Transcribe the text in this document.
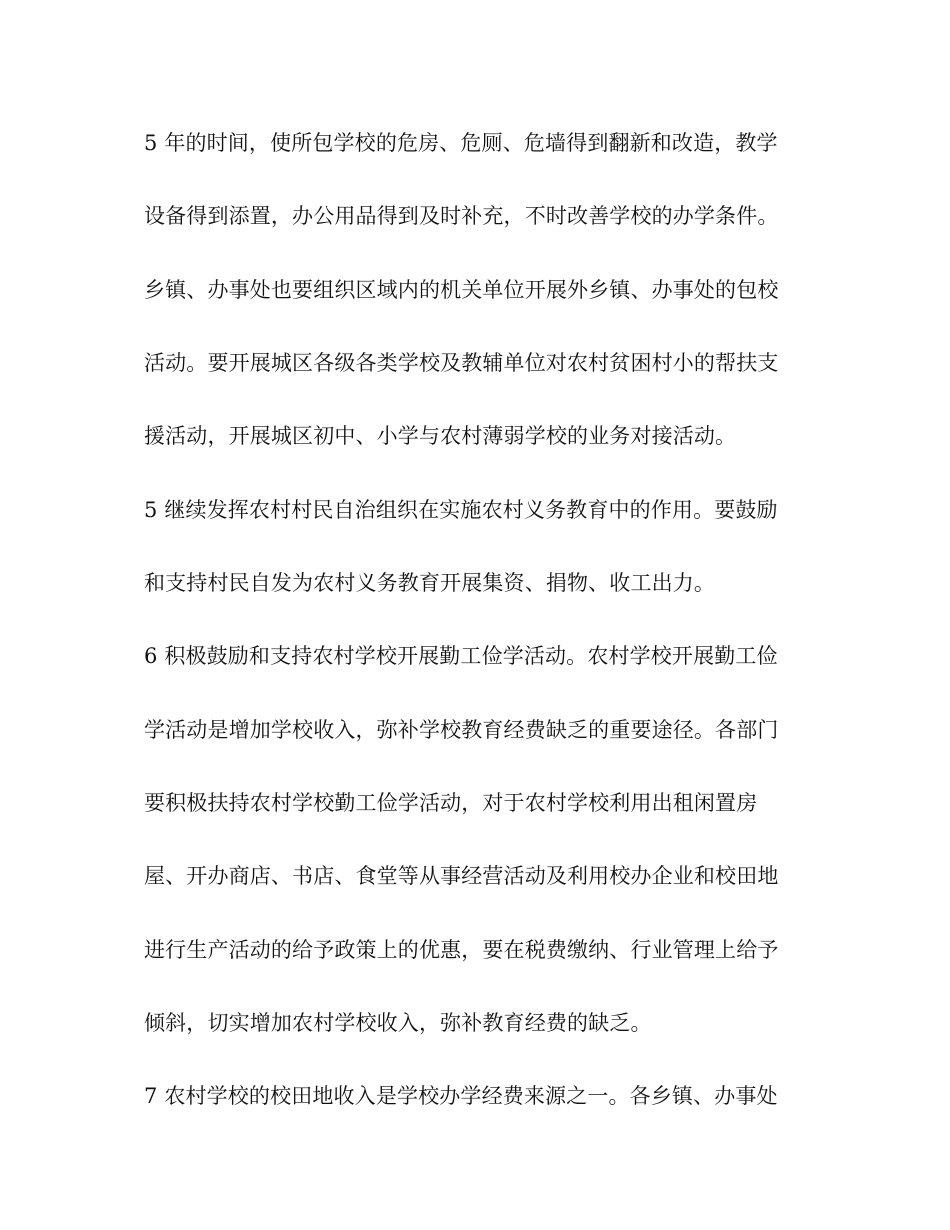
5 年的时间，使所包学校的危房、危厕、危墙得到翻新和改造，教学
设备得到添置，办公用品得到及时补充，不时改善学校的办学条件。
乡镇、办事处也要组织区域内的机关单位开展外乡镇、办事处的包校
活动。要开展城区各级各类学校及教辅单位对农村贫困村小的帮扶支
援活动，开展城区初中、小学与农村薄弱学校的业务对接活动。
5 继续发挥农村村民自治组织在实施农村义务教育中的作用。要鼓励
和支持村民自发为农村义务教育开展集资、捐物、收工出力。
6 积极鼓励和支持农村学校开展勤工俭学活动。农村学校开展勤工俭
学活动是增加学校收入，弥补学校教育经费缺乏的重要途径。各部门
要积极扶持农村学校勤工俭学活动，对于农村学校利用出租闲置房
屋、开办商店、书店、食堂等从事经营活动及利用校办企业和校田地
进行生产活动的给予政策上的优惠，要在税费缴纳、行业管理上给予
倾斜，切实增加农村学校收入，弥补教育经费的缺乏。
7 农村学校的校田地收入是学校办学经费来源之一。各乡镇、办事处
